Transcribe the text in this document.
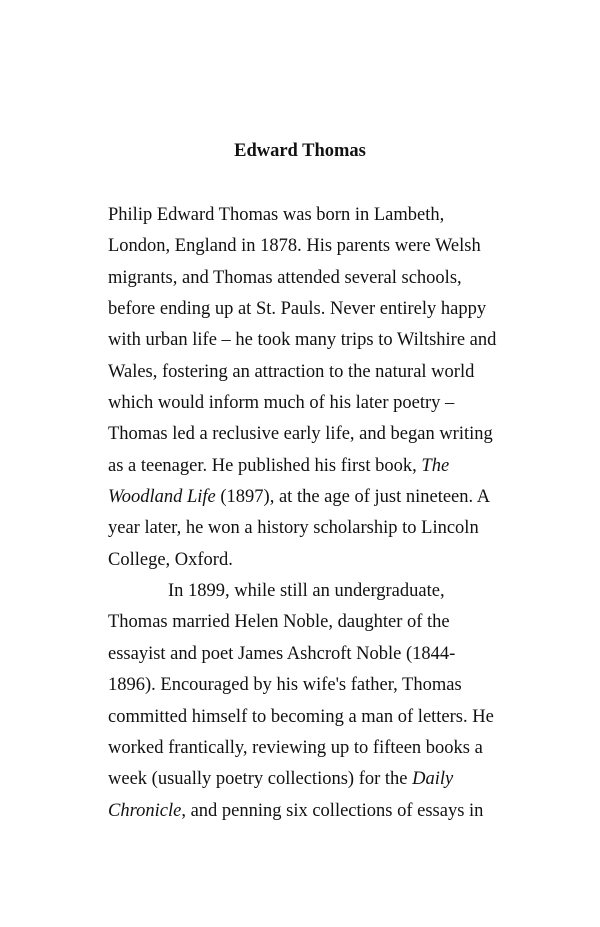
Edward Thomas
Philip Edward Thomas was born in Lambeth,
London, England in 1878. His parents were Welsh
migrants, and Thomas attended several schools,
before ending up at St. Pauls. Never entirely happy
with urban life – he took many trips to Wiltshire and
Wales, fostering an attraction to the natural world
which would inform much of his later poetry –
Thomas led a reclusive early life, and began writing
as a teenager. He published his first book, The
Woodland Life (1897), at the age of just nineteen. A
year later, he won a history scholarship to Lincoln
College, Oxford.
In 1899, while still an undergraduate,
Thomas married Helen Noble, daughter of the
essayist and poet James Ashcroft Noble (1844-
1896). Encouraged by his wife's father, Thomas
committed himself to becoming a man of letters. He
worked frantically, reviewing up to fifteen books a
week (usually poetry collections) for the Daily
Chronicle, and penning six collections of essays in
